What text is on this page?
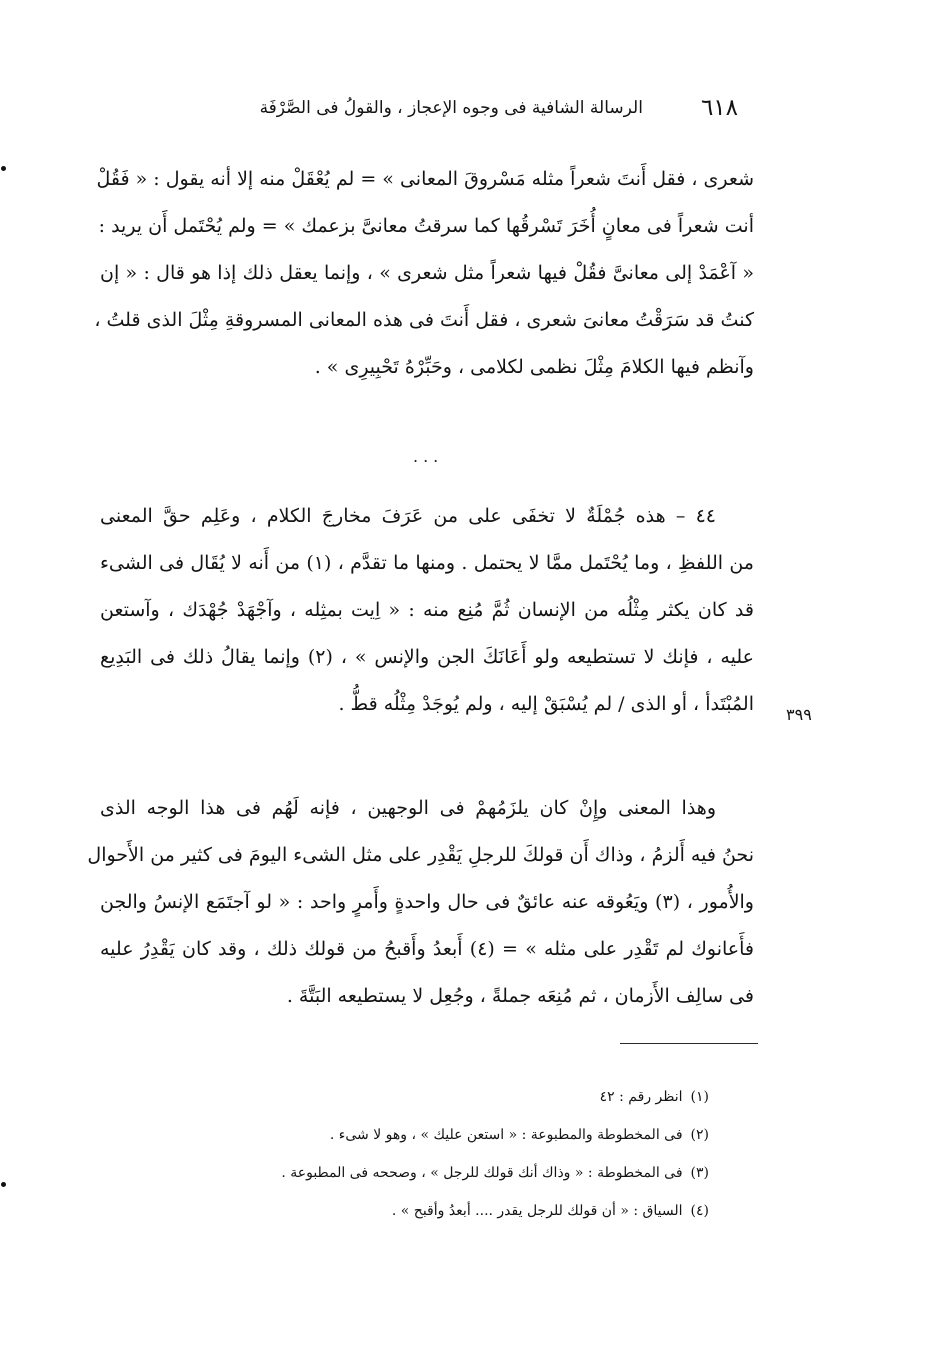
٦١٨
الرسالة الشافية فى وجوه الإعجاز ، والقولُ فى الصَّرْفَة

شعرى ، فقل أَنتَ شعراً مثله مَسْروقَ المعانى » = لم يُعْقَلْ منه إلا أنه يقول : « فَقُلْ
أنت شعراً فى معانٍ أُخَرَ تَسْرقُها كما سرقتُ معانىَّ بزعمك » = ولم يُحْتَمل أَن يريد :
« آعْمَدْ إلى معانىَّ فقُلْ فيها شعراً مثل شعرى » ، وإنما يعقل ذلك إذا هو قال : « إن
كنتُ قد سَرَقْتُ معانىَ شعرى ، فقل أَنتَ فى هذه المعانى المسروقةِ مِثْلَ الذى قلتُ ،
وآنظم فيها الكلامَ مِثْلَ نظمى لكلامى ، وحَبِّرْهُ تَحْبِيرِى » .

...

٤٤ – هذه جُمْلَةٌ لا تخفَى على من عَرَفَ مخارجَ الكلام ، وعَلِم حقَّ المعنى
من اللفظِ ، وما يُحْتَمل ممَّا لا يحتمل . ومنها ما تقدَّم ، (١) من أَنه لا يُقَال فى الشىء
قد كان يكثر مِثْلُه من الإنسان ثُمَّ مُنِع منه : « اِيت بمثِله ، وآجْهَدْ جُهْدَك ، وآستعن
عليه ، فإنك لا تستطيعه ولو أَعَانَكَ الجن والإنس » ، (٢) وإنما يقالُ ذلك فى البَدِيع
المُبْتَدأ ، أو الذى / لم يُسْبَقْ إليه ، ولم يُوجَدْ مِثْلُه قطُّ . ٣٩٩

وهذا المعنى وإِنْ كان يلزَمُهمْ فى الوجهين ، فإنه لَهُم فى هذا الوجه الذى
نحنُ فيه أَلزمُ ، وذاك أَن قولكَ للرجلِ يَقْدِر على مثل الشىء اليومَ فى كثير من الأَحوال
والأُمور ، (٣) ويَعُوقه عنه عائقٌ فى حال واحدةٍ وأَمرٍ واحد : « لو آجتَمَع الإنسُ والجن
فأَعانوك لم تَقْدِر على مثله » = (٤) أَبعدُ وأَقبحُ من قولك ذلك ، وقد كان يَقْدِرُ عليه
فى سالِف الأَزمان ، ثم مُنِعَه جملةً ، وجُعِل لا يستطيعه البَتَّةَ .

(١)انظر رقم : ٤٢
(٢)فى المخطوطة والمطبوعة : « استعن عليك » ، وهو لا شىء .
(٣)فى المخطوطة : « وذاك أنك قولك للرجل » ، وصححه فى المطبوعة .
(٤)السياق : « أن قولك للرجل يقدر .... أبعدُ وأقبح » .
